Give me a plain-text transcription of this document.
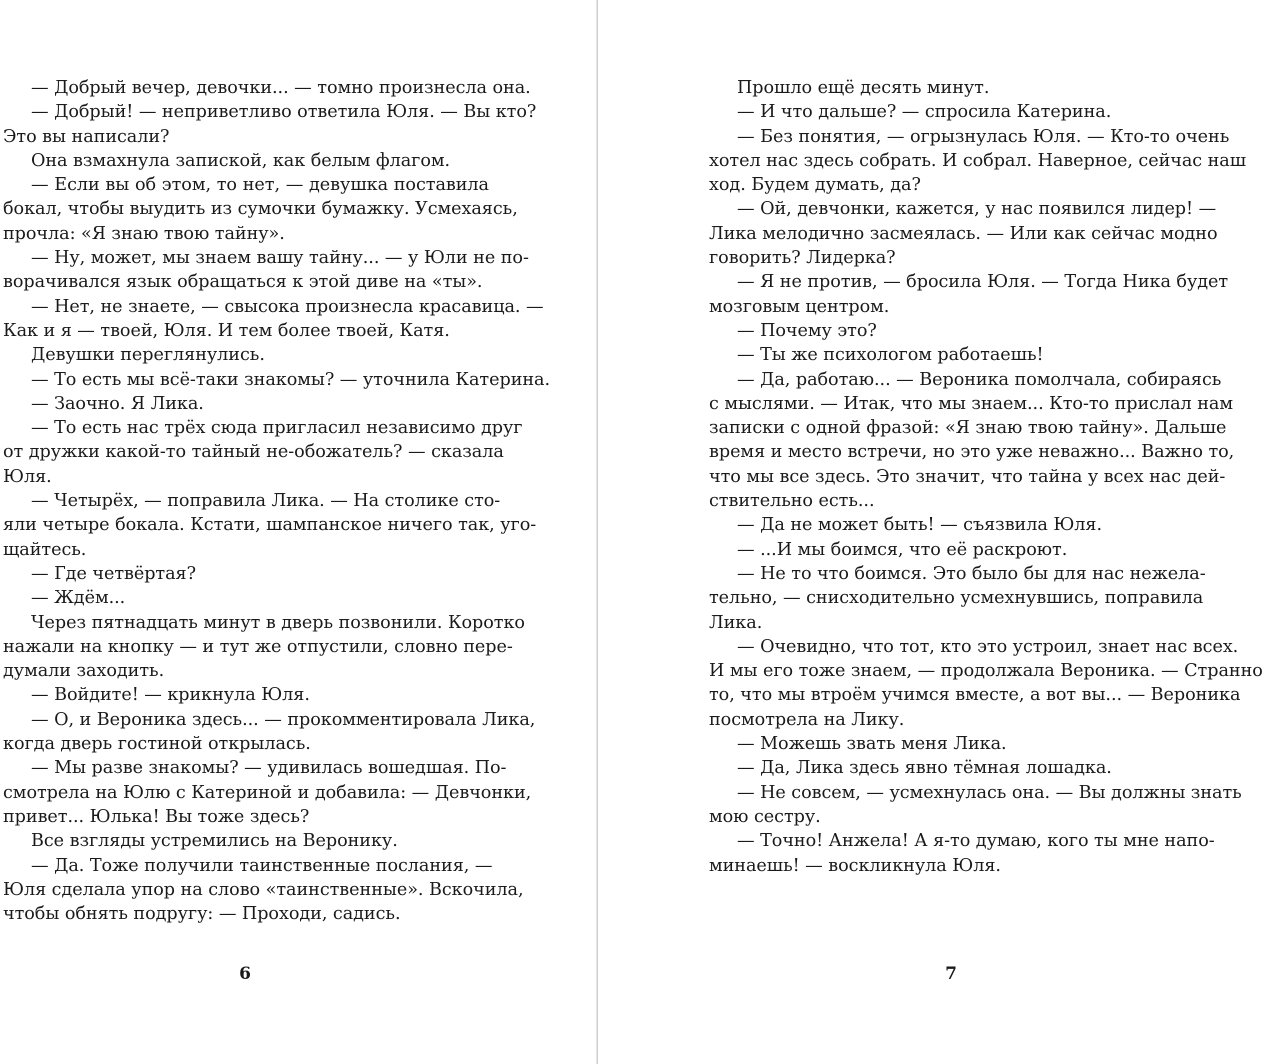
— Добрый вечер, девочки... — томно произнесла она.
— Добрый! — неприветливо ответила Юля. — Вы кто?
Это вы написали?
Она взмахнула запиской, как белым флагом.
— Если вы об этом, то нет, — девушка поставила
бокал, чтобы выудить из сумочки бумажку. Усмехаясь,
прочла: «Я знаю твою тайну».
— Ну, может, мы знаем вашу тайну... — у Юли не по-
ворачивался язык обращаться к этой диве на «ты».
— Нет, не знаете, — свысока произнесла красавица. —
Как и я — твоей, Юля. И тем более твоей, Катя.
Девушки переглянулись.
— То есть мы всё-таки знакомы? — уточнила Катерина.
— Заочно. Я Лика.
— То есть нас трёх сюда пригласил независимо друг
от дружки какой-то тайный не-обожатель? — сказала
Юля.
— Четырёх, — поправила Лика. — На столике сто-
яли четыре бокала. Кстати, шампанское ничего так, уго-
щайтесь.
— Где четвёртая?
— Ждём...
Через пятнадцать минут в дверь позвонили. Коротко
нажали на кнопку — и тут же отпустили, словно пере-
думали заходить.
— Войдите! — крикнула Юля.
— О, и Вероника здесь... — прокомментировала Лика,
когда дверь гостиной открылась.
— Мы разве знакомы? — удивилась вошедшая. По-
смотрела на Юлю с Катериной и добавила: — Девчонки,
привет... Юлька! Вы тоже здесь?
Все взгляды устремились на Веронику.
— Да. Тоже получили таинственные послания, —
Юля сделала упор на слово «таинственные». Вскочила,
чтобы обнять подругу: — Проходи, садись.
6
Прошло ещё десять минут.
— И что дальше? — спросила Катерина.
— Без понятия, — огрызнулась Юля. — Кто-то очень
хотел нас здесь собрать. И собрал. Наверное, сейчас наш
ход. Будем думать, да?
— Ой, девчонки, кажется, у нас появился лидер! —
Лика мелодично засмеялась. — Или как сейчас модно
говорить? Лидерка?
— Я не против, — бросила Юля. — Тогда Ника будет
мозговым центром.
— Почему это?
— Ты же психологом работаешь!
— Да, работаю... — Вероника помолчала, собираясь
с мыслями. — Итак, что мы знаем... Кто-то прислал нам
записки с одной фразой: «Я знаю твою тайну». Дальше
время и место встречи, но это уже неважно... Важно то,
что мы все здесь. Это значит, что тайна у всех нас дей-
ствительно есть...
— Да не может быть! — съязвила Юля.
— ...И мы боимся, что её раскроют.
— Не то что боимся. Это было бы для нас нежела-
тельно, — снисходительно усмехнувшись, поправила
Лика.
— Очевидно, что тот, кто это устроил, знает нас всех.
И мы его тоже знаем, — продолжала Вероника. — Странно
то, что мы втроём учимся вместе, а вот вы... — Вероника
посмотрела на Лику.
— Можешь звать меня Лика.
— Да, Лика здесь явно тёмная лошадка.
— Не совсем, — усмехнулась она. — Вы должны знать
мою сестру.
— Точно! Анжела! А я-то думаю, кого ты мне напо-
минаешь! — воскликнула Юля.
7
